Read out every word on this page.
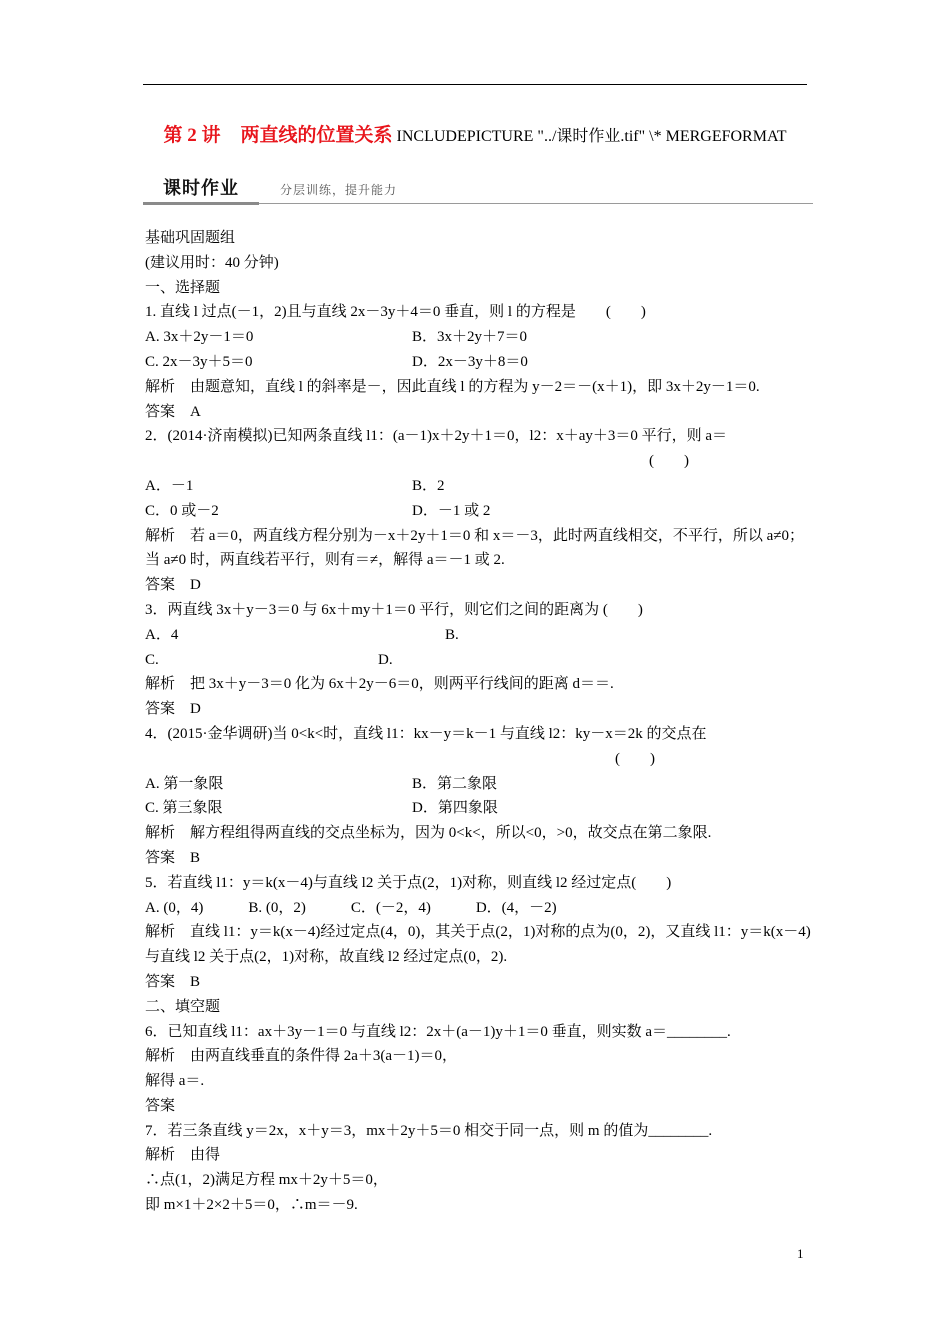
第 2 讲 两直线的位置关系 INCLUDEPICTURE "../课时作业.tif" \* MERGEFORMAT
课时作业	分层训练，提升能力
基础巩固题组
(建议用时：40 分钟)
一、选择题
1. 直线 l 过点(－1，2)且与直线 2x－3y＋4＝0 垂直，则 l 的方程是　　(　　)
A. 3x＋2y－1＝0	B．3x＋2y＋7＝0
C. 2x－3y＋5＝0	D．2x－3y＋8＝0
解析　由题意知，直线 l 的斜率是－，因此直线 l 的方程为 y－2＝－(x＋1)，即 3x＋2y－1＝0.
答案　A
2．(2014·济南模拟)已知两条直线 l1：(a－1)x＋2y＋1＝0，l2：x＋ay＋3＝0 平行，则 a＝
(　　)
A．－1	B．2
C．0 或－2	D．－1 或 2
解析　若 a＝0，两直线方程分别为－x＋2y＋1＝0 和 x＝－3，此时两直线相交，不平行，所以 a≠0；当 a≠0 时，两直线若平行，则有＝≠，解得 a＝－1 或 2.
答案　D
3．两直线 3x＋y－3＝0 与 6x＋my＋1＝0 平行，则它们之间的距离为 (　　)
A．4	B.
C.	D.
解析　把 3x＋y－3＝0 化为 6x＋2y－6＝0，则两平行线间的距离 d＝＝.
答案　D
4．(2015·金华调研)当 0<k<时，直线 l1：kx－y＝k－1 与直线 l2：ky－x＝2k 的交点在
(　　)
A. 第一象限	B．第二象限
C. 第三象限	D．第四象限
解析　解方程组得两直线的交点坐标为，因为 0<k<，所以<0，>0，故交点在第二象限.
答案　B
5．若直线 l1：y＝k(x－4)与直线 l2 关于点(2，1)对称，则直线 l2 经过定点(　　)
A. (0，4)　　　B. (0，2)　　　C．(－2，4)　　　D．(4，－2)
解析　直线 l1：y＝k(x－4)经过定点(4，0)，其关于点(2，1)对称的点为(0，2)，又直线 l1：y＝k(x－4)与直线 l2 关于点(2，1)对称，故直线 l2 经过定点(0，2).
答案　B
二、填空题
6．已知直线 l1：ax＋3y－1＝0 与直线 l2：2x＋(a－1)y＋1＝0 垂直，则实数 a＝________.
解析　由两直线垂直的条件得 2a＋3(a－1)＝0，
解得 a＝.
答案
7．若三条直线 y＝2x，x＋y＝3，mx＋2y＋5＝0 相交于同一点，则 m 的值为________.
解析　由得
∴点(1，2)满足方程 mx＋2y＋5＝0，
即 m×1＋2×2＋5＝0，∴m＝－9.
1
